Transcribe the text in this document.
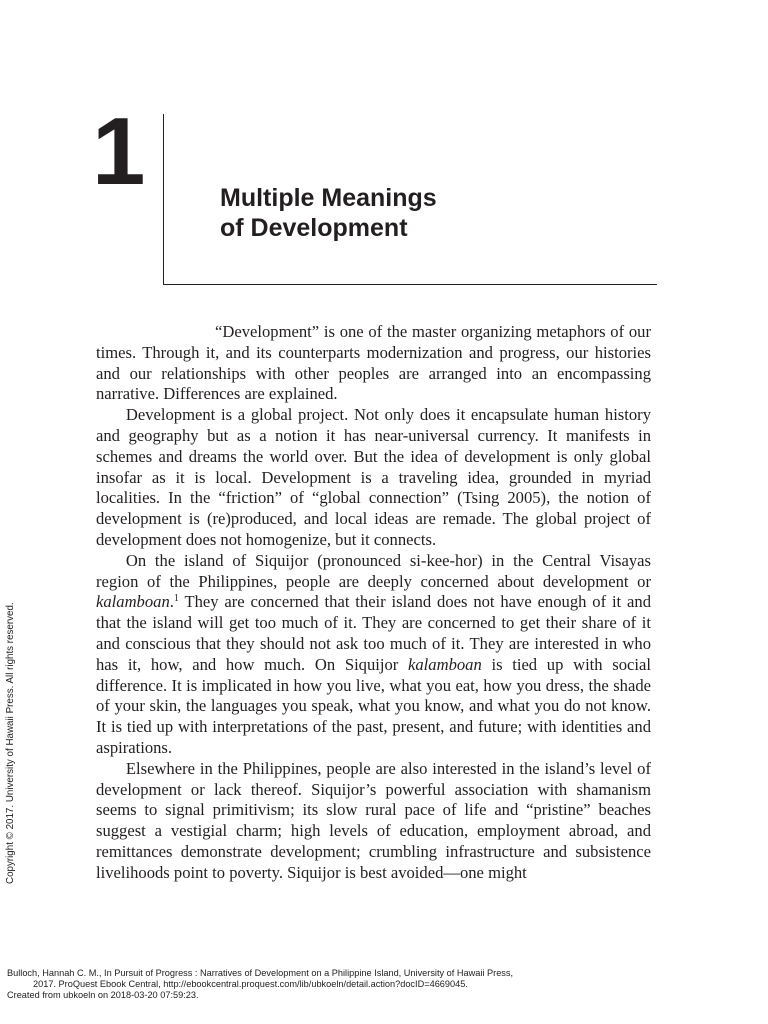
1	Multiple Meanings
of Development

“Development” is one of the master organizing metaphors of our times. Through it, and its counterparts modernization and progress, our histories and our relationships with other peoples are arranged into an encompassing narrative. Differences are explained.

Development is a global project. Not only does it encapsulate human history and geography but as a notion it has near-universal currency. It manifests in schemes and dreams the world over. But the idea of development is only global insofar as it is local. Development is a traveling idea, grounded in myriad localities. In the “friction” of “global connection” (Tsing 2005), the notion of development is (re)produced, and local ideas are remade. The global project of development does not homogenize, but it connects.

On the island of Siquijor (pronounced si-kee-hor) in the Central Visayas region of the Philippines, people are deeply concerned about development or kalamboan.$^1$ They are concerned that their island does not have enough of it and that the island will get too much of it. They are concerned to get their share of it and conscious that they should not ask too much of it. They are interested in who has it, how, and how much. On Siquijor kalamboan is tied up with social difference. It is implicated in how you live, what you eat, how you dress, the shade of your skin, the languages you speak, what you know, and what you do not know. It is tied up with interpretations of the past, present, and future; with identities and aspirations.

Elsewhere in the Philippines, people are also interested in the island’s level of development or lack thereof. Siquijor’s powerful association with shamanism seems to signal primitivism; its slow rural pace of life and “pristine” beaches suggest a vestigial charm; high levels of education, employment abroad, and remittances demonstrate development; crumbling infrastructure and subsistence livelihoods point to poverty. Siquijor is best avoided—one might

Copyright © 2017. University of Hawaii Press. All rights reserved.
Bulloch, Hannah C. M., In Pursuit of Progress : Narratives of Development on a Philippine Island, University of Hawaii Press,
2017. ProQuest Ebook Central, http://ebookcentral.proquest.com/lib/ubkoeln/detail.action?docID=4669045.
Created from ubkoeln on 2018-03-20 07:59:23.
